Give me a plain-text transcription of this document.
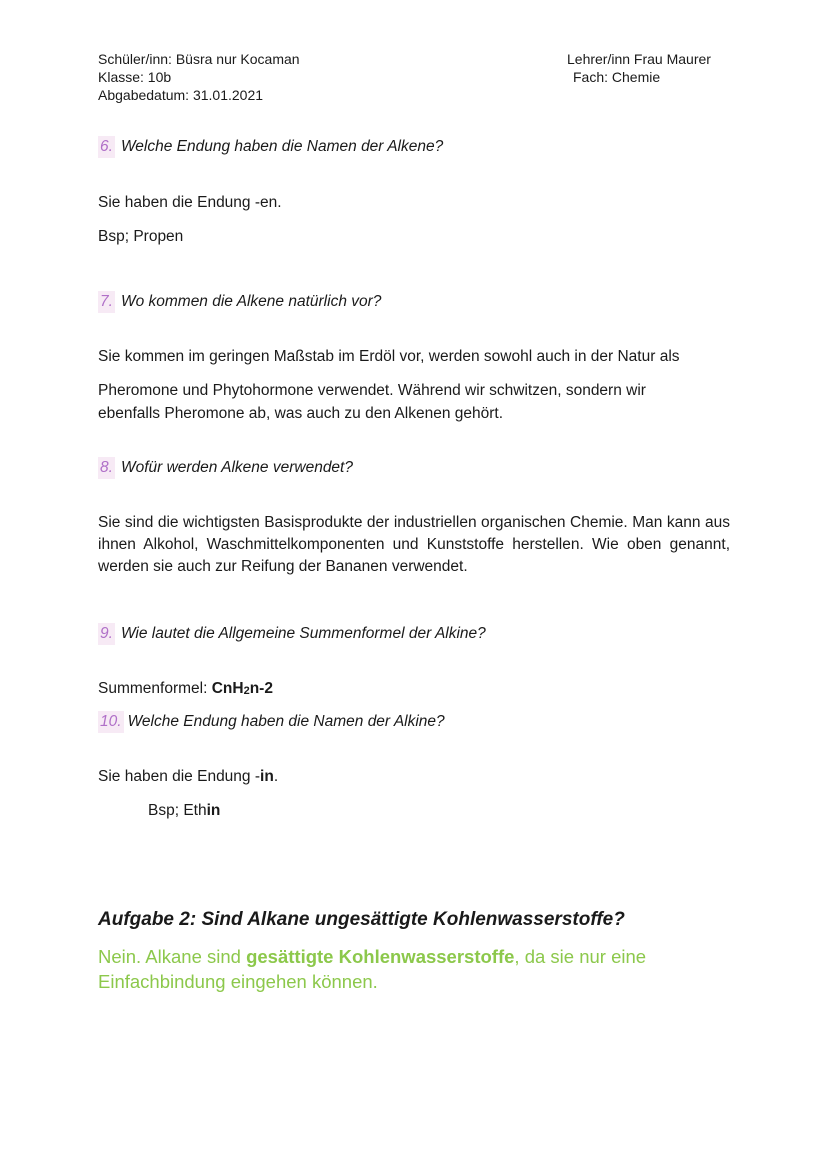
Schüler/inn: Büsra nur Kocaman
Klasse: 10b
Abgabedatum: 31.01.2021
Lehrer/inn Frau Maurer
Fach: Chemie
6. Welche Endung haben die Namen der Alkene?
Sie haben die Endung -en.
Bsp; Propen
7. Wo kommen die Alkene natürlich vor?
Sie kommen im geringen Maßstab im Erdöl vor, werden sowohl auch in der Natur als
Pheromone und Phytohormone verwendet. Während wir schwitzen, sondern wir
ebenfalls Pheromone ab, was auch zu den Alkenen gehört.
8. Wofür werden Alkene verwendet?
Sie sind die wichtigsten Basisprodukte der industriellen organischen Chemie. Man kann aus ihnen Alkohol, Waschmittelkomponenten und Kunststoffe herstellen. Wie oben genannt, werden sie auch zur Reifung der Bananen verwendet.
9. Wie lautet die Allgemeine Summenformel der Alkine?
Summenformel: CnH2n-2
10. Welche Endung haben die Namen der Alkine?
Sie haben die Endung -in.
Bsp; Ethin
Aufgabe 2: Sind Alkane ungesättigte Kohlenwasserstoffe?
Nein. Alkane sind gesättigte Kohlenwasserstoffe, da sie nur eine
Einfachbindung eingehen können.
